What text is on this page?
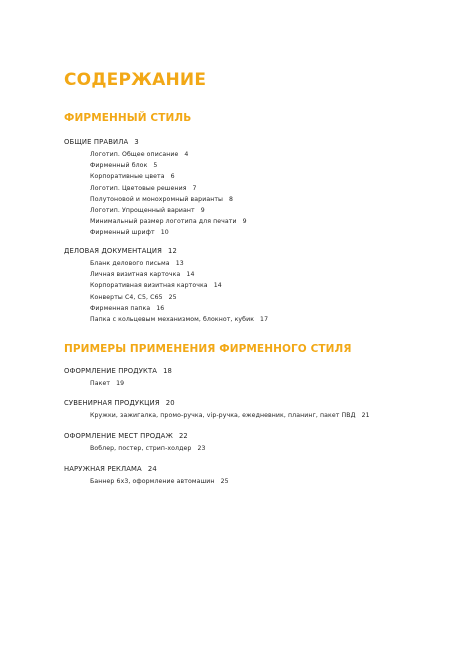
СОДЕРЖАНИЕ
ФИРМЕННЫЙ СТИЛЬ
ОБЩИЕ ПРАВИЛА 3
Логотип. Общее описание 4
Фирменный блок 5
Корпоративные цвета 6
Логотип. Цветовые решения 7
Полутоновой и монохромный варианты 8
Логотип. Упрощенный вариант 9
Минимальный размер логотипа для печати 9
Фирменный шрифт 10
ДЕЛОВАЯ ДОКУМЕНТАЦИЯ 12
Бланк делового письма 13
Личная визитная карточка 14
Корпоративная визитная карточка 14
Конверты С4, С5, С65 25
Фирменная папка 16
Папка с кольцевым механизмом, блокнот, кубик 17
ПРИМЕРЫ ПРИМЕНЕНИЯ ФИРМЕННОГО СТИЛЯ
ОФОРМЛЕНИЕ ПРОДУКТА 18
Пакет 19
СУВЕНИРНАЯ ПРОДУКЦИЯ 20
Кружки, зажигалка, промо-ручка, vip-ручка, ежедневник, планинг, пакет ПВД 21
ОФОРМЛЕНИЕ МЕСТ ПРОДАЖ 22
Воблер, постер, стрип-холдер 23
НАРУЖНАЯ РЕКЛАМА 24
Баннер 6x3, оформление автомашин 25
